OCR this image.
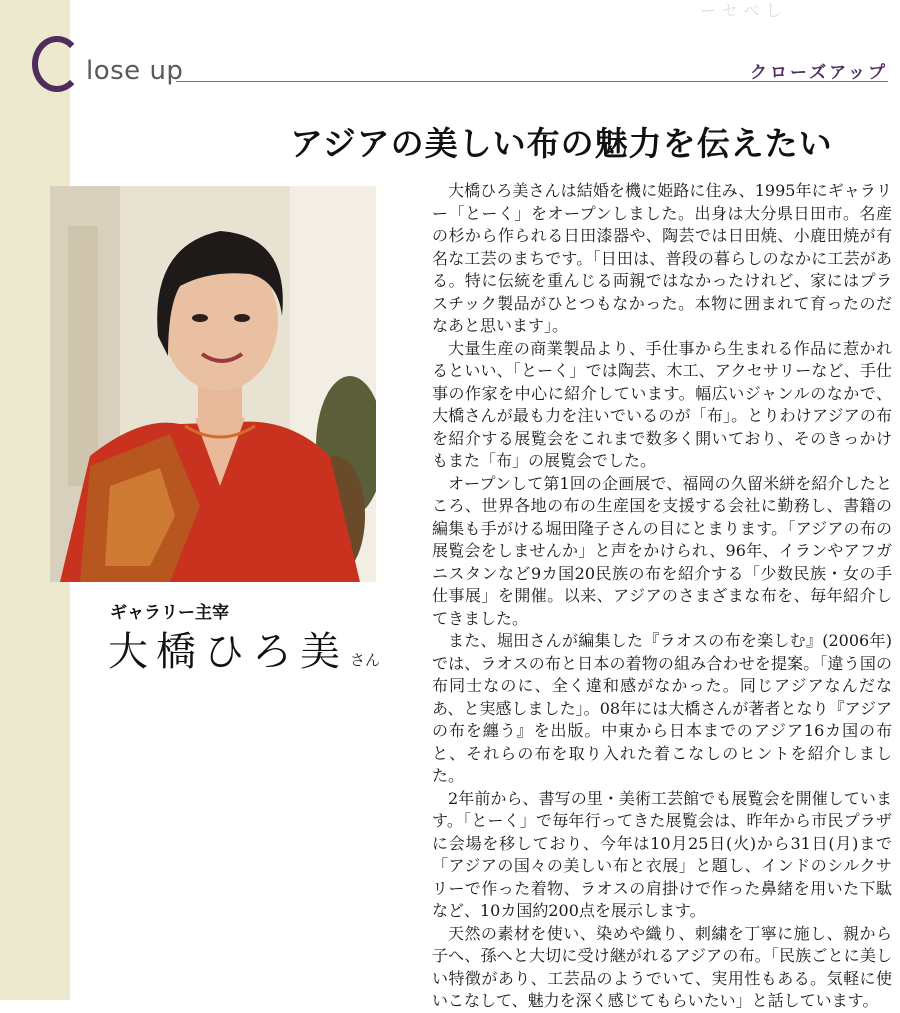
ーセベし
lose up	クローズアップ
アジアの美しい布の魅力を伝えたい
ギャラリー主宰
大橋ひろ美 さん

大橋ひろ美さんは結婚を機に姫路に住み、1995年にギャラリー「とーく」をオープンしました。出身は大分県日田市。名産の杉から作られる日田漆器や、陶芸では日田焼、小鹿田焼が有名な工芸のまちです。「日田は、普段の暮らしのなかに工芸がある。特に伝統を重んじる両親ではなかったけれど、家にはプラスチック製品がひとつもなかった。本物に囲まれて育ったのだなあと思います」。

大量生産の商業製品より、手仕事から生まれる作品に惹かれるといい、「とーく」では陶芸、木工、アクセサリーなど、手仕事の作家を中心に紹介しています。幅広いジャンルのなかで、大橋さんが最も力を注いでいるのが「布」。とりわけアジアの布を紹介する展覧会をこれまで数多く開いており、そのきっかけもまた「布」の展覧会でした。

オープンして第1回の企画展で、福岡の久留米絣を紹介したところ、世界各地の布の生産国を支援する会社に勤務し、書籍の編集も手がける堀田隆子さんの目にとまります。「アジアの布の展覧会をしませんか」と声をかけられ、96年、イランやアフガニスタンなど9カ国20民族の布を紹介する「少数民族・女の手仕事展」を開催。以来、アジアのさまざまな布を、毎年紹介してきました。

また、堀田さんが編集した『ラオスの布を楽しむ』(2006年)では、ラオスの布と日本の着物の組み合わせを提案。「違う国の布同士なのに、全く違和感がなかった。同じアジアなんだなあ、と実感しました」。08年には大橋さんが著者となり『アジアの布を纏う』を出版。中東から日本までのアジア16カ国の布と、それらの布を取り入れた着こなしのヒントを紹介しました。

2年前から、書写の里・美術工芸館でも展覧会を開催しています。「とーく」で毎年行ってきた展覧会は、昨年から市民プラザに会場を移しており、今年は10月25日(火)から31日(月)まで「アジアの国々の美しい布と衣展」と題し、インドのシルクサリーで作った着物、ラオスの肩掛けで作った鼻緒を用いた下駄など、10カ国約200点を展示します。

天然の素材を使い、染めや織り、刺繍を丁寧に施し、親から子へ、孫へと大切に受け継がれるアジアの布。「民族ごとに美しい特徴があり、工芸品のようでいて、実用性もある。気軽に使いこなして、魅力を深く感じてもらいたい」と話しています。
